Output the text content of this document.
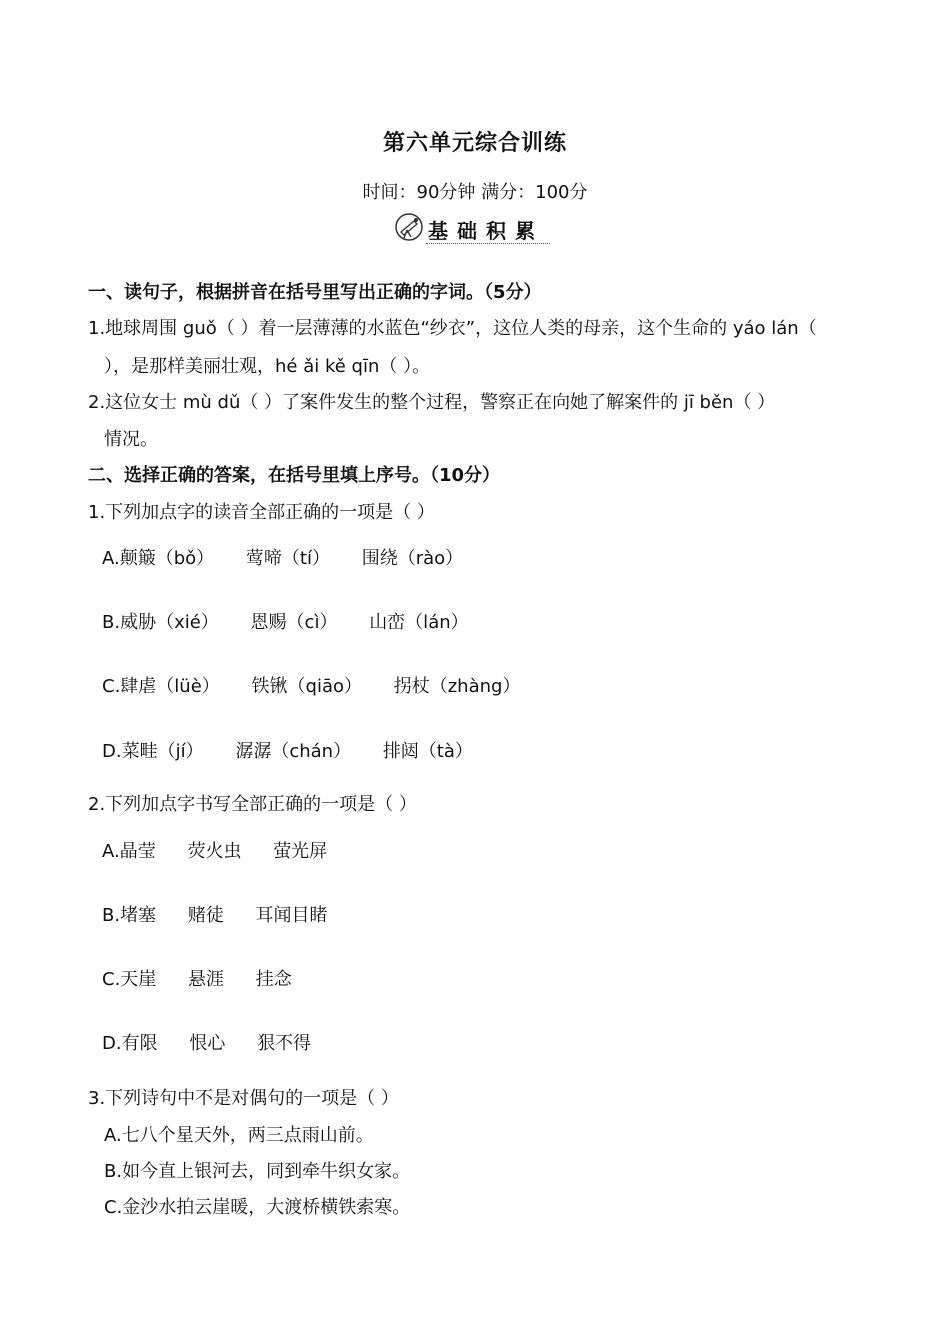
第六单元综合训练
时间：90分钟 满分：100分
基础积累
一、读句子，根据拼音在括号里写出正确的字词。（5分）
1.地球周围 guǒ（ ）着一层薄薄的水蓝色“纱衣”，这位人类的母亲，这个生命的 yáo lán（
），是那样美丽壮观，hé ǎi kě qīn（ ）。
2.这位女士 mù dǔ（ ）了案件发生的整个过程，警察正在向她了解案件的 jī běn（ ）
情况。
二、选择正确的答案，在括号里填上序号。（10分）
1.下列加点字的读音全部正确的一项是（ ）
A.颠簸（bǒ） 莺啼（tí） 围绕（rào）
B.威胁（xié） 恩赐（cì） 山峦（lán）
C.肆虐（lüè） 铁锹（qiāo） 拐杖（zhàng）
D.菜畦（jí） 潺潺（chán） 排闼（tà）
2.下列加点字书写全部正确的一项是（ ）
A.晶莹 荧火虫 萤光屏
B.堵塞 赌徒 耳闻目睹
C.天崖 悬涯 挂念
D.有限 恨心 狠不得
3.下列诗句中不是对偶句的一项是（ ）
A.七八个星天外，两三点雨山前。
B.如今直上银河去，同到牵牛织女家。
C.金沙水拍云崖暖，大渡桥横铁索寒。
